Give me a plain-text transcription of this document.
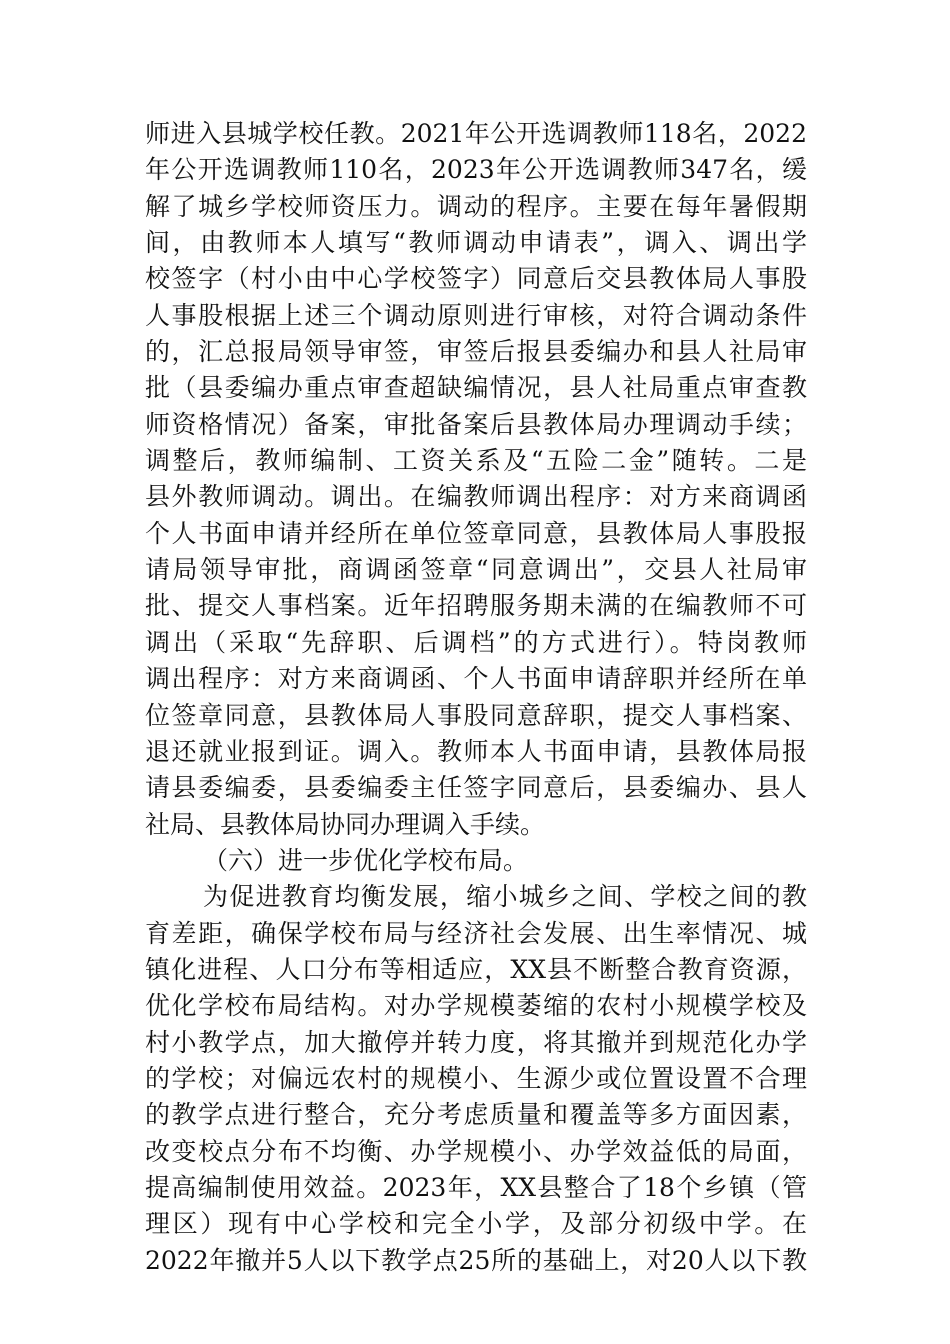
师进入县城学校任教。2021年公开选调教师118名，2022
年公开选调教师110名，2023年公开选调教师347名，缓
解了城乡学校师资压力。调动的程序。主要在每年暑假期
间，由教师本人填写“教师调动申请表”，调入、调出学
校签字（村小由中心学校签字）同意后交县教体局人事股
人事股根据上述三个调动原则进行审核，对符合调动条件
的，汇总报局领导审签，审签后报县委编办和县人社局审
批（县委编办重点审查超缺编情况，县人社局重点审查教
师资格情况）备案，审批备案后县教体局办理调动手续；
调整后，教师编制、工资关系及“五险二金”随转。二是
县外教师调动。调出。在编教师调出程序：对方来商调函
个人书面申请并经所在单位签章同意，县教体局人事股报
请局领导审批，商调函签章“同意调出”，交县人社局审
批、提交人事档案。近年招聘服务期未满的在编教师不可
调出（采取“先辞职、后调档”的方式进行）。特岗教师
调出程序：对方来商调函、个人书面申请辞职并经所在单
位签章同意，县教体局人事股同意辞职，提交人事档案、
退还就业报到证。调入。教师本人书面申请，县教体局报
请县委编委，县委编委主任签字同意后，县委编办、县人
社局、县教体局协同办理调入手续。
（六）进一步优化学校布局。
为促进教育均衡发展，缩小城乡之间、学校之间的教
育差距，确保学校布局与经济社会发展、出生率情况、城
镇化进程、人口分布等相适应，XX县不断整合教育资源，
优化学校布局结构。对办学规模萎缩的农村小规模学校及
村小教学点，加大撤停并转力度，将其撤并到规范化办学
的学校；对偏远农村的规模小、生源少或位置设置不合理
的教学点进行整合，充分考虑质量和覆盖等多方面因素，
改变校点分布不均衡、办学规模小、办学效益低的局面，
提高编制使用效益。2023年，XX县整合了18个乡镇（管
理区）现有中心学校和完全小学，及部分初级中学。在
2022年撤并5人以下教学点25所的基础上，对20人以下教
